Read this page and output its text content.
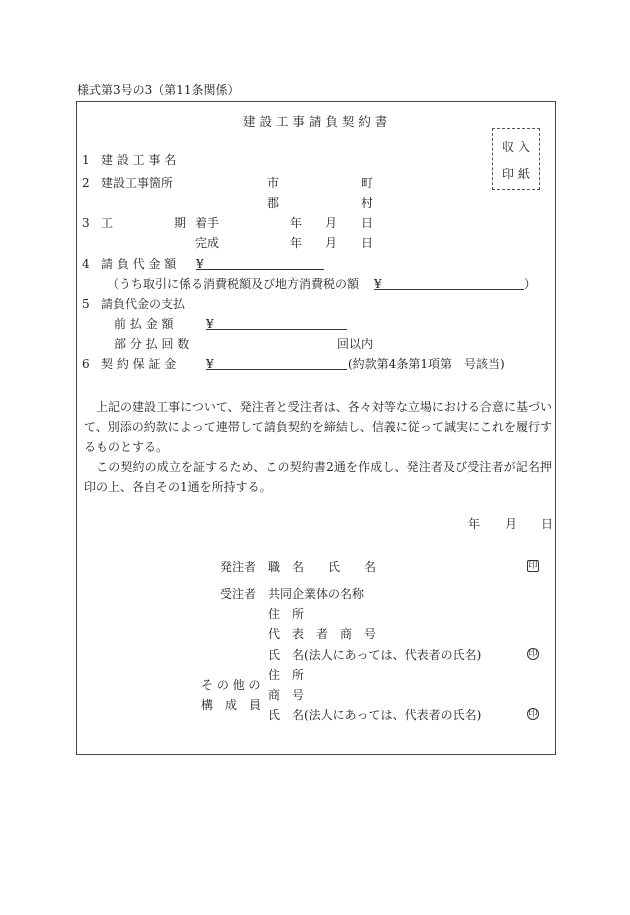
様式第3号の3（第11条関係）
建 設 工 事 請 負 契 約 書
収 入
印 紙
1 建 設 工 事 名
2 建設工事箇所	市	町
郡	村
3 工	期 着手	年 月 日
完成	年 月 日
4 請 負 代 金 額 ¥
（うち取引に係る消費税額及び地方消費税の額 ¥	）
5 請負代金の支払
前 払 金 額	¥
部 分 払 回 数	回以内
6 契 約 保 証 金 ¥	(約款第4条第1項第　号該当)
　上記の建設工事について、発注者と受注者は、各々対等な立場における合意に基づいて、別添の約款によって連帯して請負契約を締結し、信義に従って誠実にこれを履行するものとする。
　この契約の成立を証するため、この契約書2通を作成し、発注者及び受注者が記名押印の上、各自その1通を所持する。
年 月 日
発注者 職　名 氏　　名	印
受注者 共同企業体の名称
住　所
代　表　者　商　号
氏　名(法人にあっては、代表者の氏名)	印
そ の 他 の
構　成　員
住　所
商　号
氏　名(法人にあっては、代表者の氏名)	印
